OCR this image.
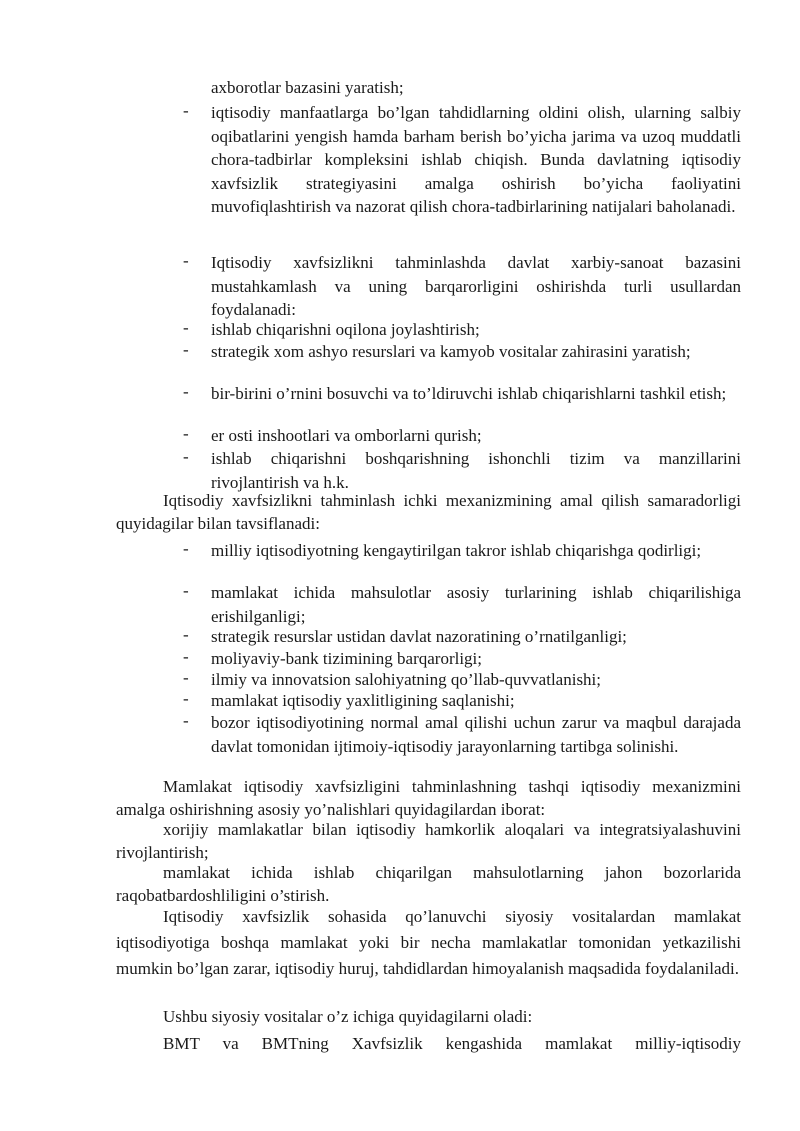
axborotlar bazasini yaratish;
- iqtisodiy manfaatlarga bo’lgan tahdidlarning oldini olish, ularning salbiy oqibatlarini yengish hamda barham berish bo’yicha jarima va uzoq muddatli chora-tadbirlar kompleksini ishlab chiqish. Bunda davlatning iqtisodiy xavfsizlik strategiyasini amalga oshirish bo’yicha faoliyatini muvofiqlashtirish va nazorat qilish chora-tadbirlarining natijalari baholanadi.
- Iqtisodiy xavfsizlikni tahminlashda davlat xarbiy-sanoat bazasini mustahkamlash va uning barqarorligini oshirishda turli usullardan foydalanadi:
- ishlab chiqarishni oqilona joylashtirish;
- strategik xom ashyo resurslari va kamyob vositalar zahirasini yaratish;
- bir-birini o’rnini bosuvchi va to’ldiruvchi ishlab chiqarishlarni tashkil etish;
- er osti inshootlari va omborlarni qurish;
- ishlab chiqarishni boshqarishning ishonchli tizim va manzillarini rivojlantirish va h.k.
Iqtisodiy xavfsizlikni tahminlash ichki mexanizmining amal qilish samaradorligi quyidagilar bilan tavsiflanadi:
- milliy iqtisodiyotning kengaytirilgan takror ishlab chiqarishga qodirligi;
- mamlakat ichida mahsulotlar asosiy turlarining ishlab chiqarilishiga erishilganligi;
- strategik resurslar ustidan davlat nazoratining o’rnatilganligi;
- moliyaviy-bank tizimining barqarorligi;
- ilmiy va innovatsion salohiyatning qo’llab-quvvatlanishi;
- mamlakat iqtisodiy yaxlitligining saqlanishi;
- bozor iqtisodiyotining normal amal qilishi uchun zarur va maqbul darajada davlat tomonidan ijtimoiy-iqtisodiy jarayonlarning tartibga solinishi.
Mamlakat iqtisodiy xavfsizligini tahminlashning tashqi iqtisodiy mexanizmini amalga oshirishning asosiy yo’nalishlari quyidagilardan iborat:
xorijiy mamlakatlar bilan iqtisodiy hamkorlik aloqalari va integratsiyalashuvini rivojlantirish;
mamlakat ichida ishlab chiqarilgan mahsulotlarning jahon bozorlarida raqobatbardoshliligini o’stirish.
Iqtisodiy xavfsizlik sohasida qo’lanuvchi siyosiy vositalardan mamlakat iqtisodiyotiga boshqa mamlakat yoki bir necha mamlakatlar tomonidan yetkazilishi mumkin bo’lgan zarar, iqtisodiy huruj, tahdidlardan himoyalanish maqsadida foydalaniladi.
Ushbu siyosiy vositalar o’z ichiga quyidagilarni oladi:
BMT va BMTning Xavfsizlik kengashida mamlakat milliy-iqtisodiy
